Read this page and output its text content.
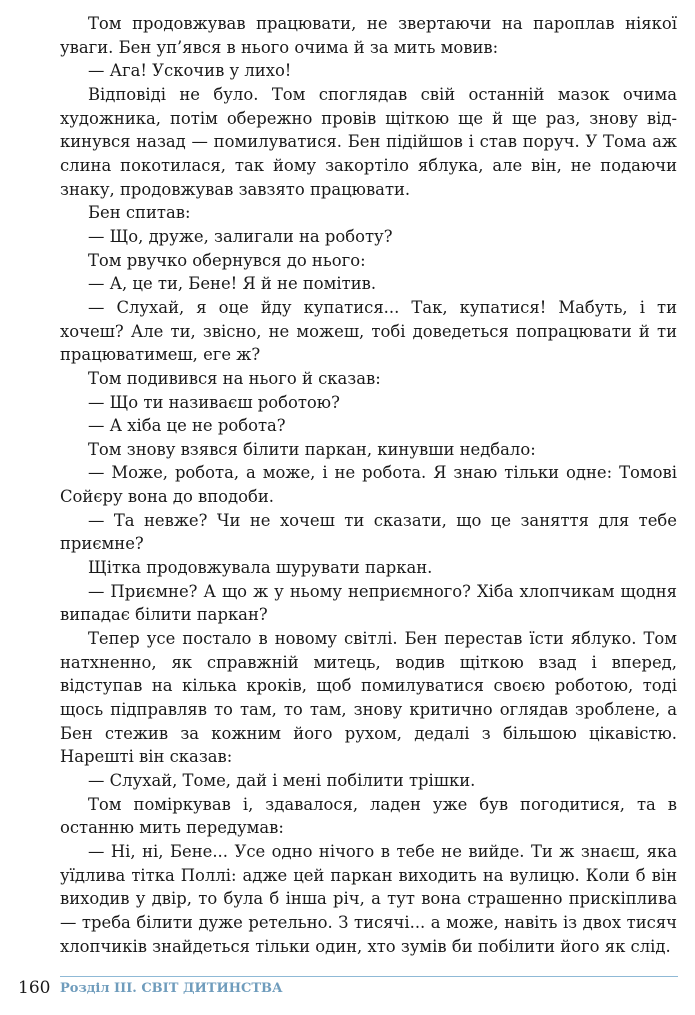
Том продовжував працювати, не звертаючи на пароплав ніякої уваги. Бен уп’явся в нього очима й за мить мовив:

— Ага! Ускочив у лихо!

Відповіді не було. Том споглядав свій останній мазок очима художника, потім обережно провів щіткою ще й ще раз, знову відкинувся назад — помилуватися. Бен підійшов і став поруч. У Тома аж слина покотилася, так йому закортіло яблука, але він, не подаючи знаку, продовжував завзято працювати.

Бен спитав:

— Що, друже, залигали на роботу?

Том рвучко обернувся до нього:

— А, це ти, Бене! Я й не помітив.

— Слухай, я оце йду купатися... Так, купатися! Мабуть, і ти хочеш? Але ти, звісно, не можеш, тобі доведеться попрацювати й ти працюватимеш, еге ж?

Том подивився на нього й сказав:

— Що ти називаєш роботою?

— А хіба це не робота?

Том знову взявся білити паркан, кинувши недбало:

— Може, робота, а може, і не робота. Я знаю тільки одне: Томові Сойєру вона до вподоби.

— Та невже? Чи не хочеш ти сказати, що це заняття для тебе приємне?

Щітка продовжувала шурувати паркан.

— Приємне? А що ж у ньому неприємного? Хіба хлопчикам щодня випадає білити паркан?

Тепер усе постало в новому світлі. Бен перестав їсти яблуко. Том натхненно, як справжній митець, водив щіткою взад і вперед, відступав на кілька кроків, щоб помилуватися своєю роботою, тоді щось підправляв то там, то там, знову критично оглядав зроблене, а Бен стежив за кожним його рухом, дедалі з більшою цікавістю. Нарешті він сказав:

— Слухай, Томе, дай і мені побілити трішки.

Том поміркував і, здавалося, ладен уже був погодитися, та в останню мить передумав:

— Ні, ні, Бене... Усе одно нічого в тебе не вийде. Ти ж знаєш, яка уїдлива тітка Поллі: адже цей паркан виходить на вулицю. Коли б він виходив у двір, то була б інша річ, а тут вона страшенно прискіплива — треба білити дуже ретельно. З тисячі... а може, навіть із двох тисяч хлопчиків знайдеться тільки один, хто зумів би побілити його як слід.

160 Розділ ІІІ. СВІТ ДИТИНСТВА
